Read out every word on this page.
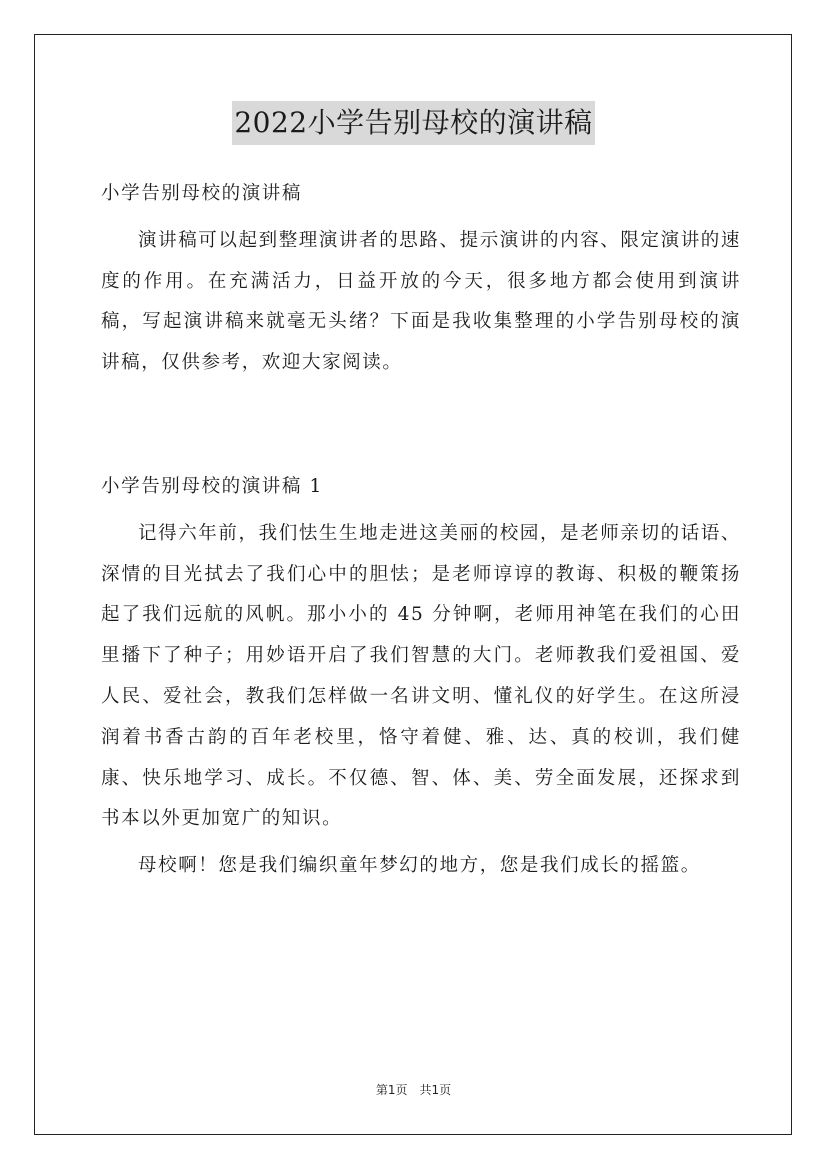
2022小学告别母校的演讲稿

小学告别母校的演讲稿

演讲稿可以起到整理演讲者的思路、提示演讲的内容、限定演讲的速度的作用。在充满活力，日益开放的今天，很多地方都会使用到演讲稿，写起演讲稿来就毫无头绪？下面是我收集整理的小学告别母校的演讲稿，仅供参考，欢迎大家阅读。

小学告别母校的演讲稿 1

记得六年前，我们怯生生地走进这美丽的校园，是老师亲切的话语、深情的目光拭去了我们心中的胆怯；是老师谆谆的教诲、积极的鞭策扬起了我们远航的风帆。那小小的 45 分钟啊，老师用神笔在我们的心田里播下了种子；用妙语开启了我们智慧的大门。老师教我们爱祖国、爱人民、爱社会，教我们怎样做一名讲文明、懂礼仪的好学生。在这所浸润着书香古韵的百年老校里，恪守着健、雅、达、真的校训，我们健康、快乐地学习、成长。不仅德、智、体、美、劳全面发展，还探求到书本以外更加宽广的知识。

母校啊！您是我们编织童年梦幻的地方，您是我们成长的摇篮。

第1页　共1页
